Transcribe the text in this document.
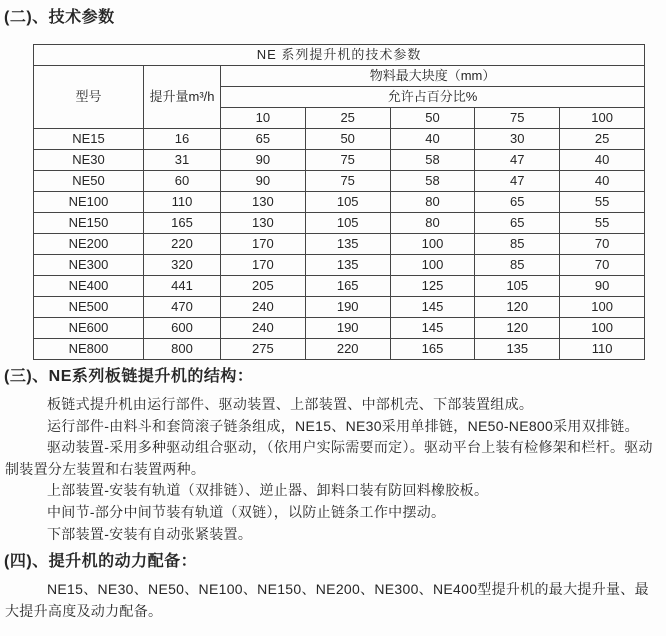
(二)、技术参数
NE 系列提升机的技术参数						
型号	提升量m³/h	物料最大块度（mm）				
		允许占百分比%				
		10	25	50	75	100
NE15	16	65	50	40	30	25
NE30	31	90	75	58	47	40
NE50	60	90	75	58	47	40
NE100	110	130	105	80	65	55
NE150	165	130	105	80	65	55
NE200	220	170	135	100	85	70
NE300	320	170	135	100	85	70
NE400	441	205	165	125	105	90
NE500	470	240	190	145	120	100
NE600	600	240	190	145	120	100
NE800	800	275	220	165	135	110
(三)、NE系列板链提升机的结构：

板链式提升机由运行部件、驱动装置、上部装置、中部机壳、下部装置组成。

运行部件-由料斗和套筒滚子链条组成，NE15、NE30采用单排链，NE50-NE800采用双排链。

驱动装置-采用多种驱动组合驱动，（依用户实际需要而定）。驱动平台上装有检修架和栏杆。驱动制装置分左装置和右装置两种。

上部装置-安装有轨道（双排链）、逆止器、卸料口装有防回料橡胶板。

中间节-部分中间节装有轨道（双链），以防止链条工作中摆动。

下部装置-安装有自动张紧装置。

(四)、提升机的动力配备：

NE15、NE30、NE50、NE100、NE150、NE200、NE300、NE400型提升机的最大提升量、最大提升高度及动力配备。
